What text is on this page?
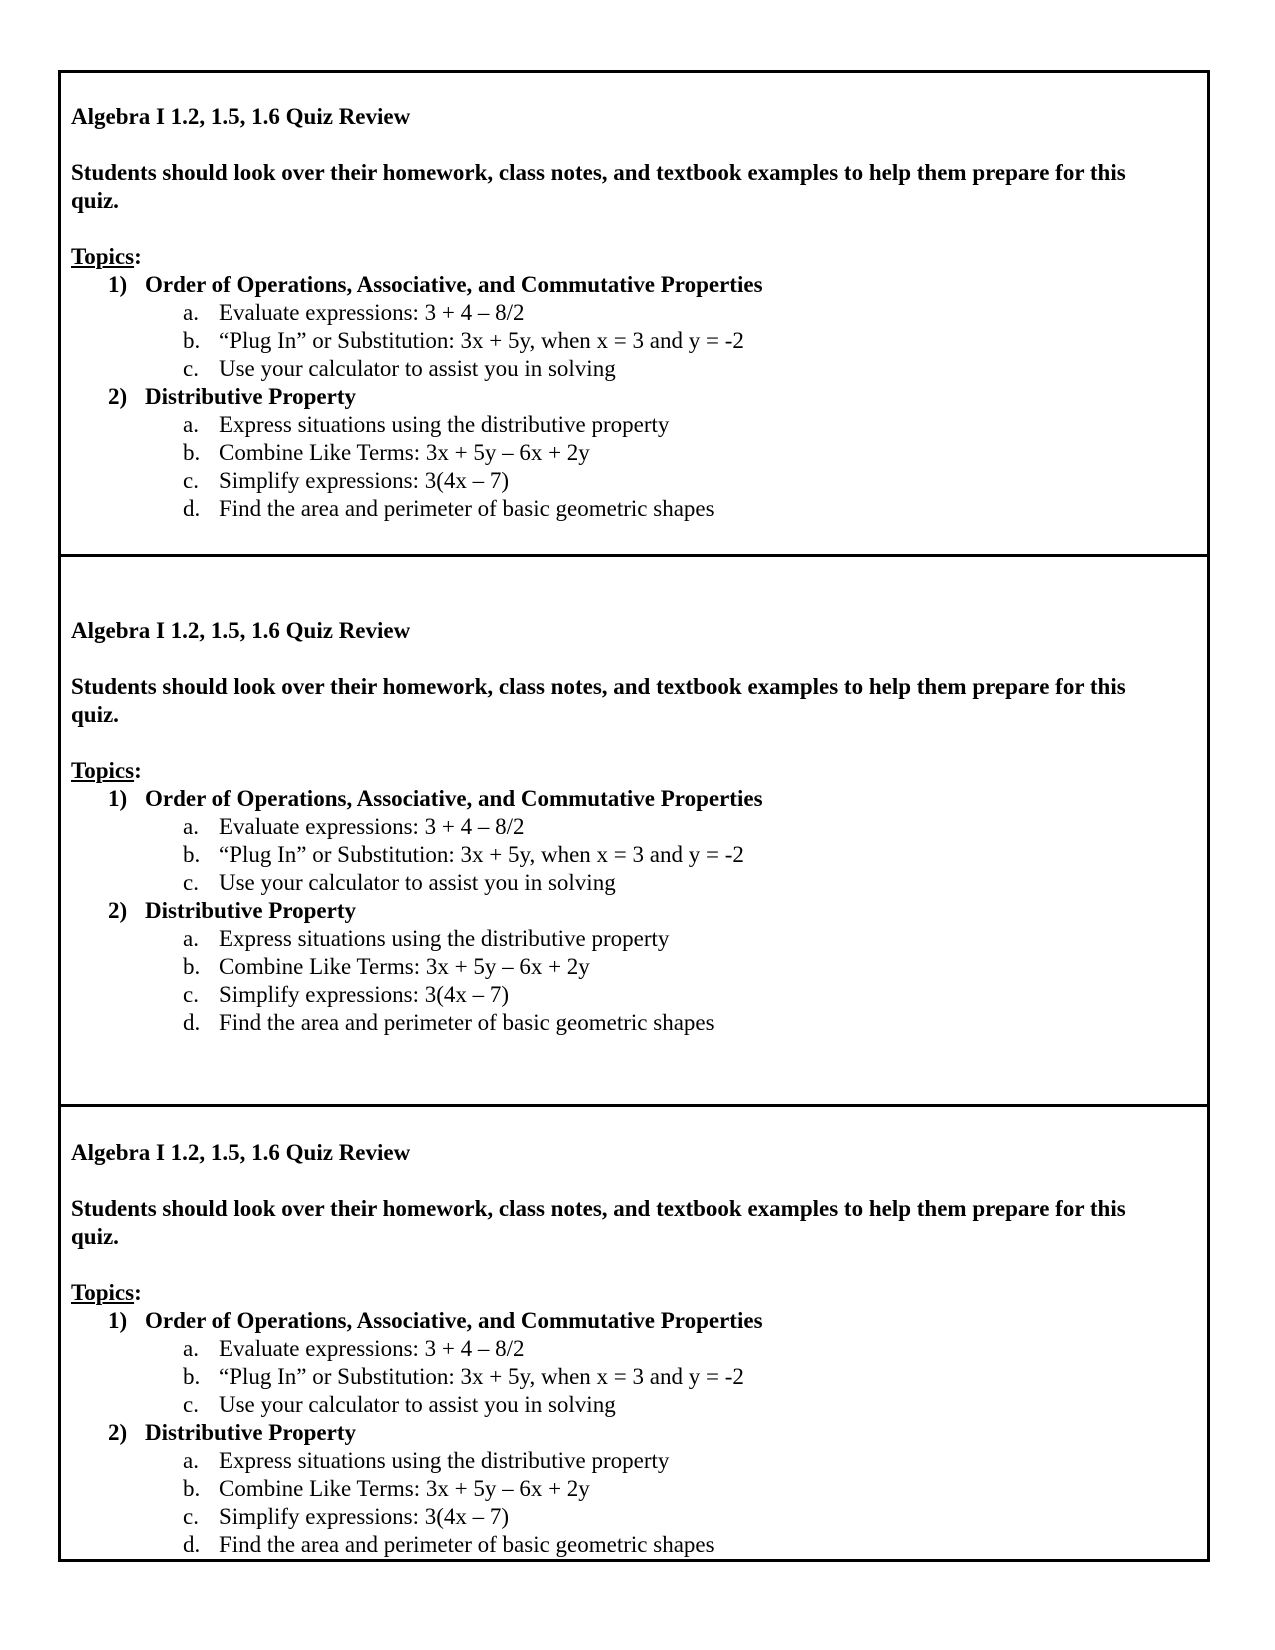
Algebra I 1.2, 1.5, 1.6 Quiz Review
Students should look over their homework, class notes, and textbook examples to help them prepare for this quiz.
Topics:
1) Order of Operations, Associative, and Commutative Properties
a. Evaluate expressions: 3 + 4 – 8/2
b. “Plug In” or Substitution: 3x + 5y, when x = 3 and y = -2
c. Use your calculator to assist you in solving
2) Distributive Property
a. Express situations using the distributive property
b. Combine Like Terms: 3x + 5y – 6x + 2y
c. Simplify expressions: 3(4x – 7)
d. Find the area and perimeter of basic geometric shapes
Algebra I 1.2, 1.5, 1.6 Quiz Review
Students should look over their homework, class notes, and textbook examples to help them prepare for this quiz.
Topics:
1) Order of Operations, Associative, and Commutative Properties
a. Evaluate expressions: 3 + 4 – 8/2
b. “Plug In” or Substitution: 3x + 5y, when x = 3 and y = -2
c. Use your calculator to assist you in solving
2) Distributive Property
a. Express situations using the distributive property
b. Combine Like Terms: 3x + 5y – 6x + 2y
c. Simplify expressions: 3(4x – 7)
d. Find the area and perimeter of basic geometric shapes
Algebra I 1.2, 1.5, 1.6 Quiz Review
Students should look over their homework, class notes, and textbook examples to help them prepare for this quiz.
Topics:
1) Order of Operations, Associative, and Commutative Properties
a. Evaluate expressions: 3 + 4 – 8/2
b. “Plug In” or Substitution: 3x + 5y, when x = 3 and y = -2
c. Use your calculator to assist you in solving
2) Distributive Property
a. Express situations using the distributive property
b. Combine Like Terms: 3x + 5y – 6x + 2y
c. Simplify expressions: 3(4x – 7)
d. Find the area and perimeter of basic geometric shapes
